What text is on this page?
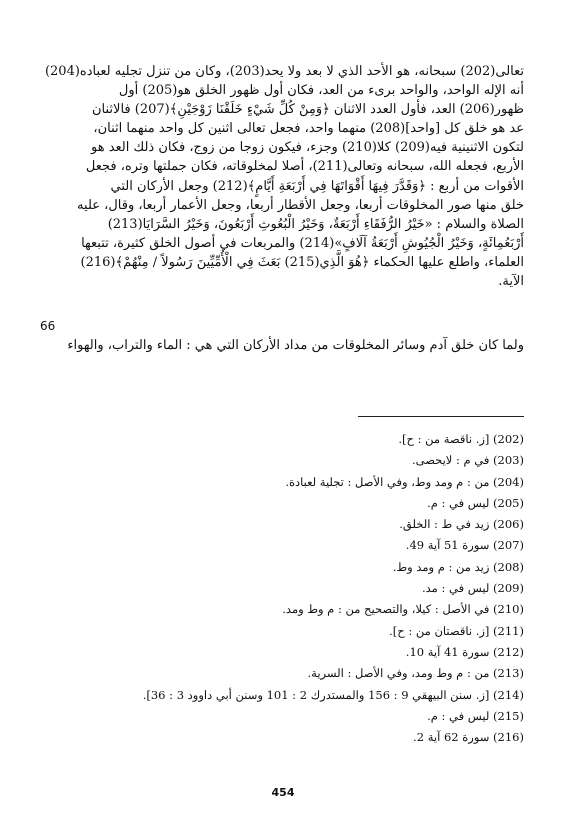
تعالى(202) سبحانه، هو الأحد الذي لا بعد ولا يحد(203)، وكان من تنزل تجليه لعباده(204)
أنه الإله الواحد، والواحد برىء من العد، فكان أول ظهور الخلق هو(205) أول
ظهور(206) العد، فأول العدد الاثنان ﴿وَمِنْ كُلِّ شَيْءٍ خَلَقْنَا زَوْجَيْنِ﴾(207) فالاثنان
عد هو خلق كل [واحد](208) منهما واحد، فجعل تعالى اثنين كل واحد منهما اثنان،
لتكون الاثنينية فيه(209) كلا(210) وجزء، فيكون زوجا من زوج، فكان ذلك العد هو
الأربع، فجعله الله، سبحانه وتعالى(211)، أصلا لمخلوقاته، فكان جملتها وتره، فجعل
الأقوات من أربع : ﴿وَقَدَّرَ فِيهَا أَقْوَاتَهَا فِي أَرْبَعَةِ أَيَّامٍ﴾(212) وجعل الأركان التي
خلق منها صور المخلوقات أربعا، وجعل الأقطار أربعا، وجعل الأعمار أربعا، وقال، عليه
الصلاة والسلام : «خَيْرُ الرُّفَقَاءِ أَرْبَعَةٌ، وَخَيْرُ الْبُعُوثِ أَرْبَعُونَ، وَخَيْرُ السَّرَايَا(213)
أَرْبَعُمِائَةٍ، وَخَيْرُ الْجُيُوشِ أَرْبَعَةُ آلَافٍ»(214) والمربعات في أصول الخلق كثيرة، تتبعها
العلماء، واطلع عليها الحكماء ﴿هُوَ الَّذِي(215) بَعَثَ فِي الْأُمِّيِّينَ رَسُولاً / مِنْهُمْ﴾(216)
الآية.
66
ولما كان خلق آدم وسائر المخلوقات من مداد الأركان التي هي : الماء والتراب، والهواء
(202) [ز. ناقصة من : ح].
(203) في م : لايحصى.
(204) من : م ومد وط، وفي الأصل : تجلية لعبادة.
(205) ليس في : م.
(206) زيد في ط : الخلق.
(207) سورة 51 آية 49.
(208) زيد من : م ومد وط.
(209) ليس في : مد.
(210) في الأصل : كيلا، والتصحيح من : م وط ومد.
(211) [ز. ناقصتان من : ح].
(212) سورة 41 آية 10.
(213) من : م وط ومد، وفي الأصل : السرية.
(214) [ز. سنن البيهقي 9 : 156 والمستدرك 2 : 101 وسنن أبي داوود 3 : 36].
(215) ليس في : م.
(216) سورة 62 آية 2.
454
